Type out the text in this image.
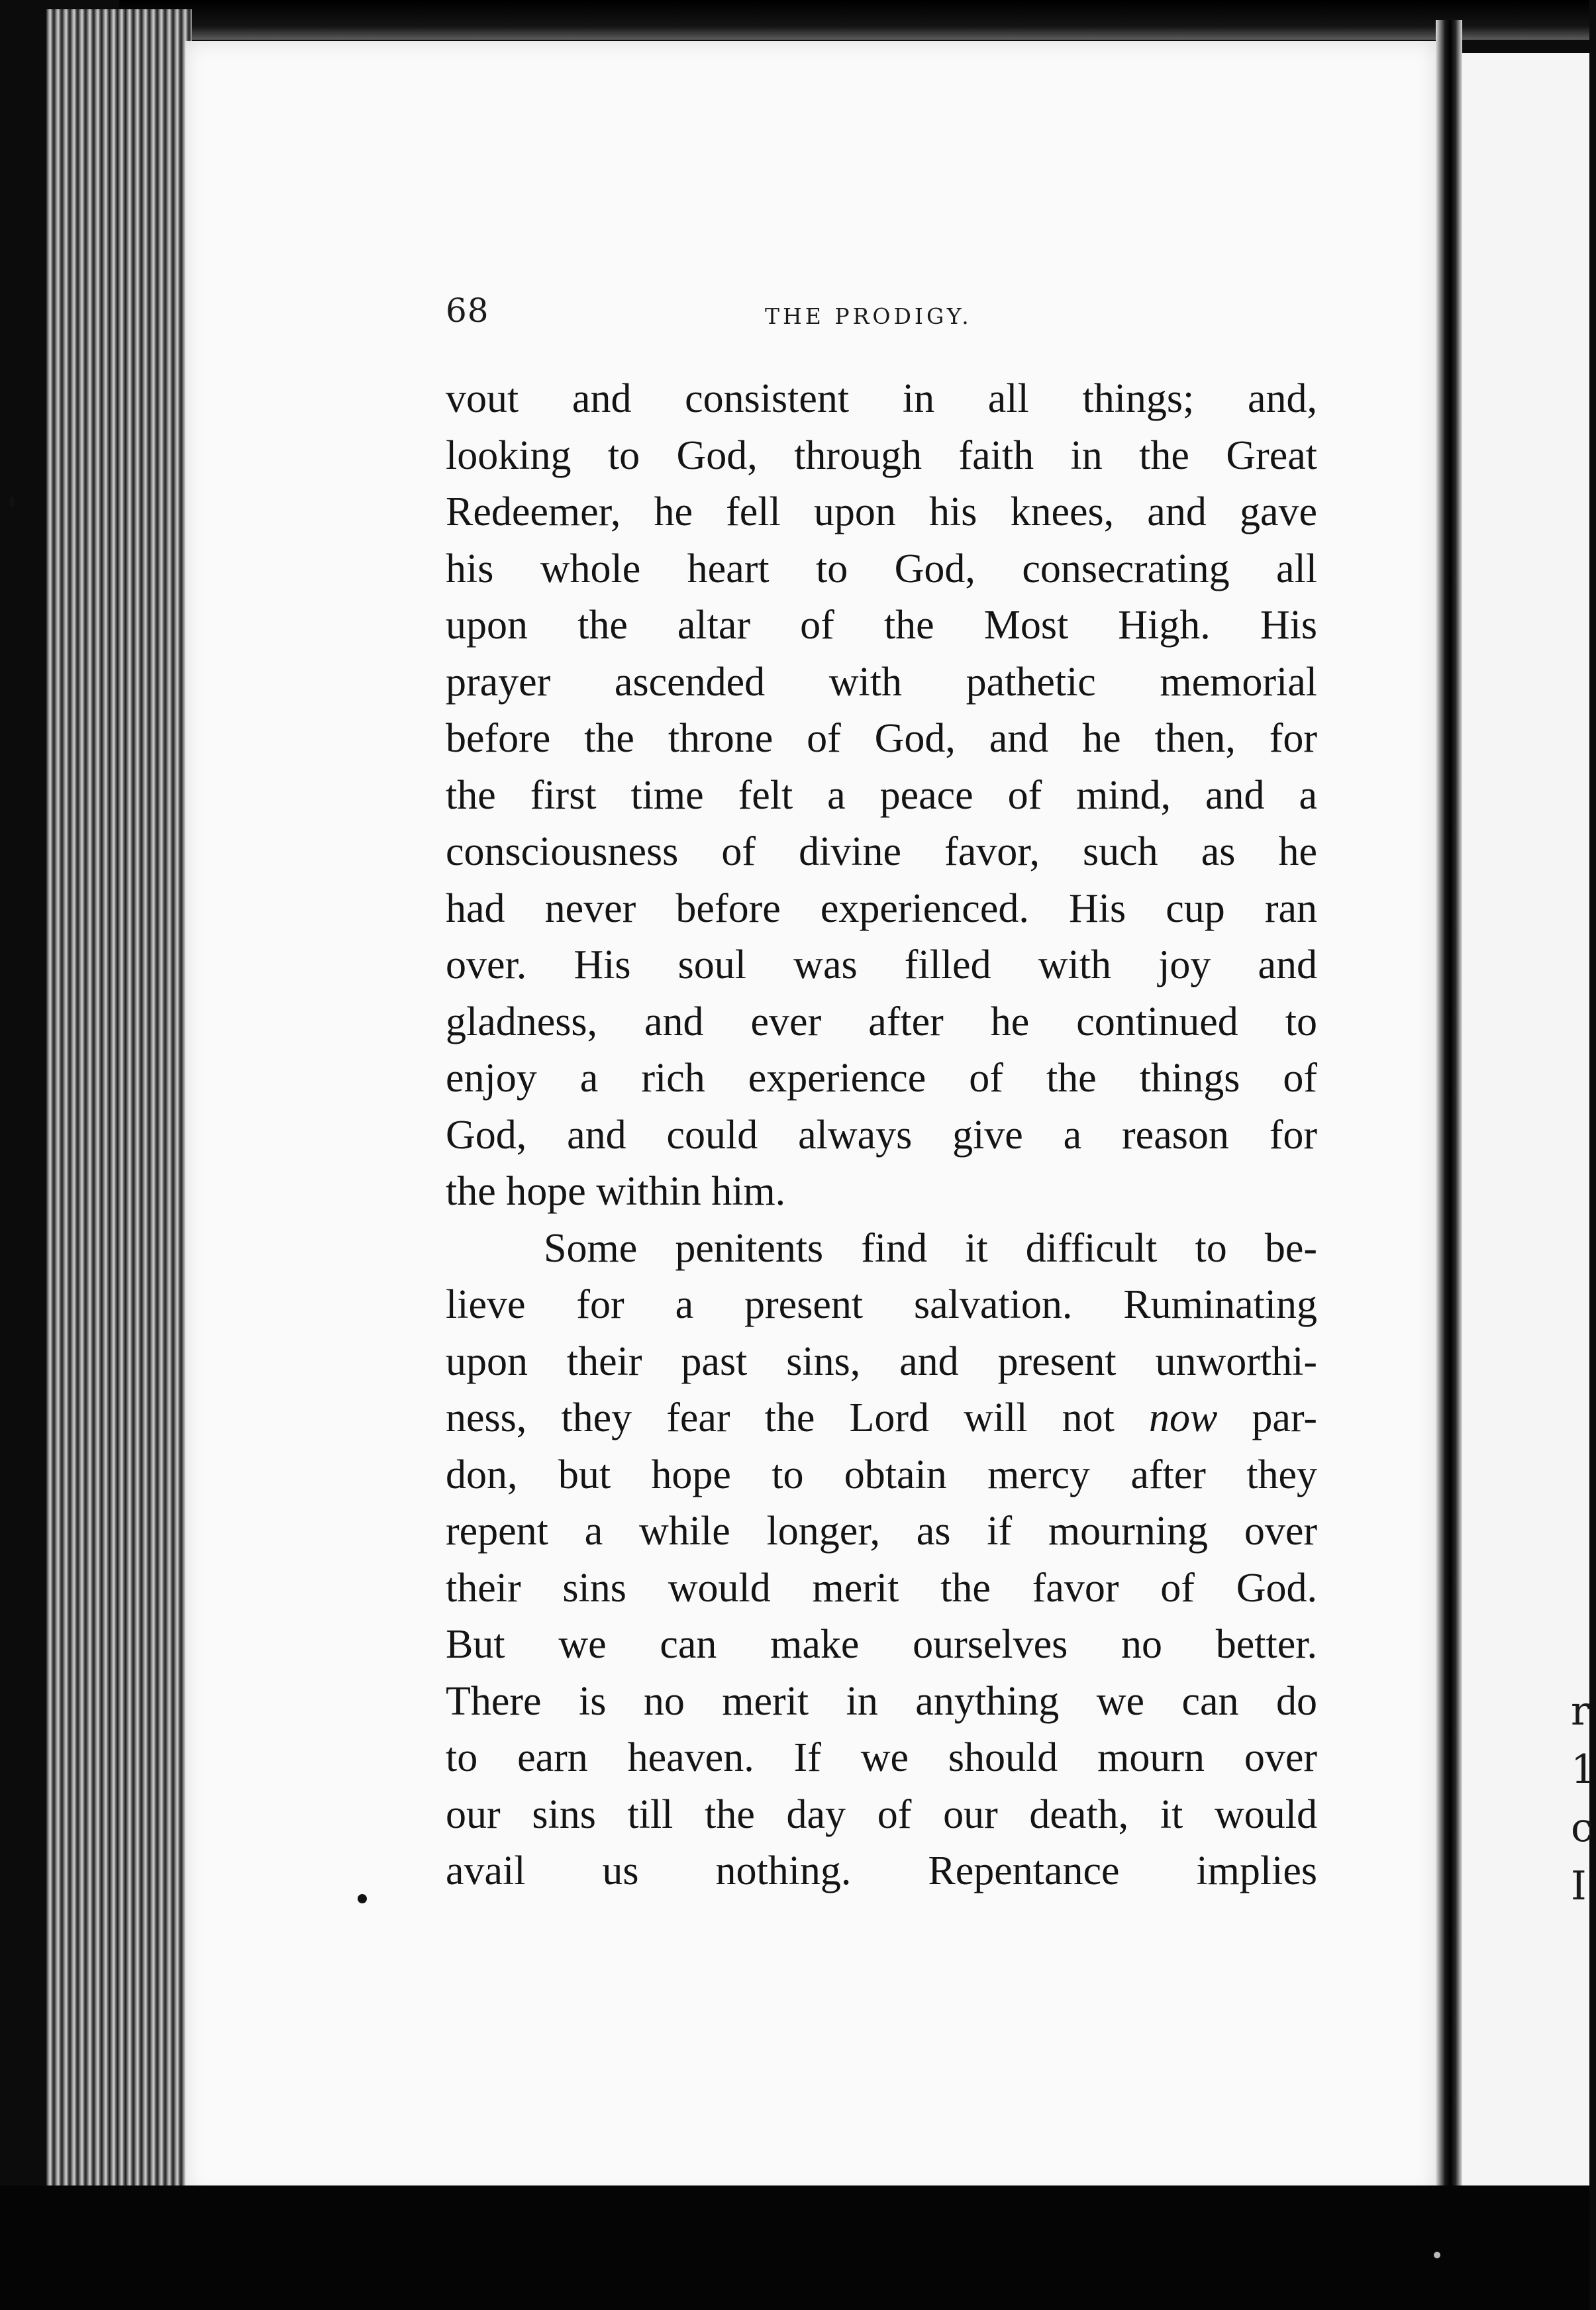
r
1
c
I
68	THE PRODIGY.
vout and consistent in all things; and,
looking to God, through faith in the Great
Redeemer, he fell upon his knees, and gave
his whole heart to God, consecrating all
upon the altar of the Most High. His
prayer ascended with pathetic memorial
before the throne of God, and he then, for
the first time felt a peace of mind, and a
consciousness of divine favor, such as he
had never before experienced. His cup ran
over. His soul was filled with joy and
gladness, and ever after he continued to
enjoy a rich experience of the things of
God, and could always give a reason for
the hope within him.
Some penitents find it difficult to be-
lieve for a present salvation. Ruminating
upon their past sins, and present unworthi-
ness, they fear the Lord will not now par-
don, but hope to obtain mercy after they
repent a while longer, as if mourning over
their sins would merit the favor of God.
But we can make ourselves no better.
There is no merit in anything we can do
to earn heaven. If we should mourn over
our sins till the day of our death, it would
avail us nothing. Repentance implies
